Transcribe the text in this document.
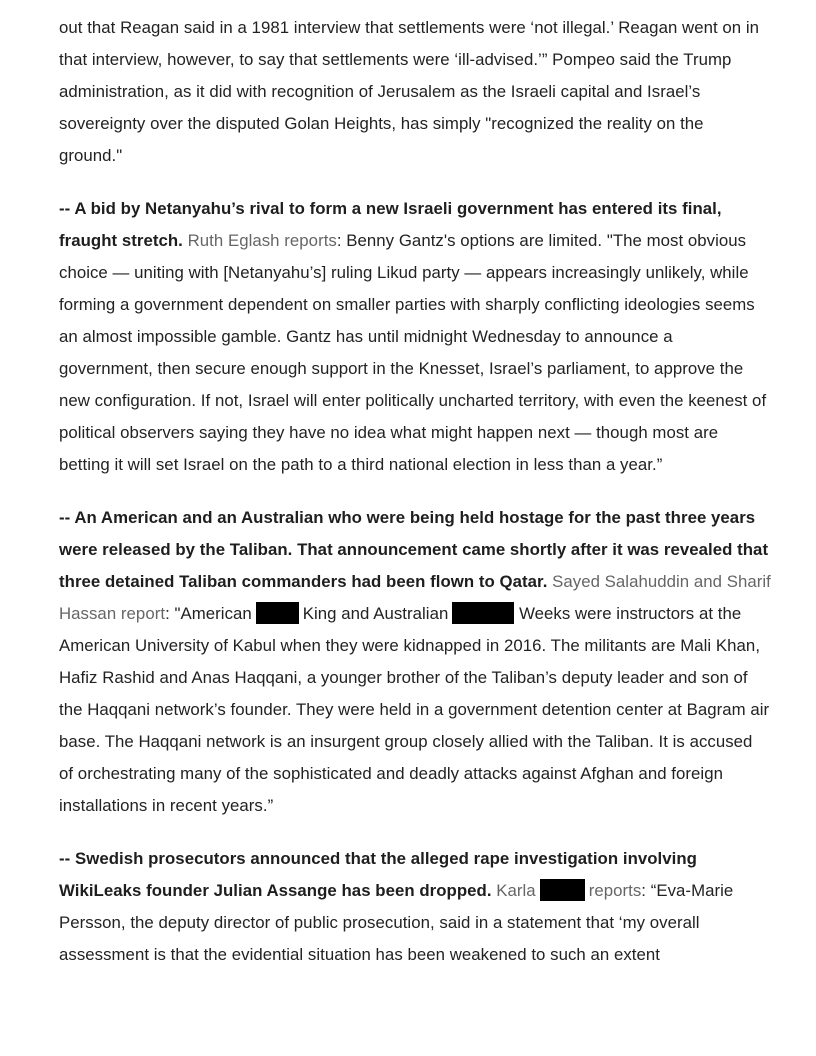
out that Reagan said in a 1981 interview that settlements were ‘not illegal.’ Reagan went on in that interview, however, to say that settlements were ‘ill-advised.’” Pompeo said the Trump administration, as it did with recognition of Jerusalem as the Israeli capital and Israel’s sovereignty over the disputed Golan Heights, has simply "recognized the reality on the ground."

-- A bid by Netanyahu’s rival to form a new Israeli government has entered its final, fraught stretch. Ruth Eglash reports: Benny Gantz's options are limited. "The most obvious choice — uniting with [Netanyahu’s] ruling Likud party — appears increasingly unlikely, while forming a government dependent on smaller parties with sharply conflicting ideologies seems an almost impossible gamble. Gantz has until midnight Wednesday to announce a government, then secure enough support in the Knesset, Israel’s parliament, to approve the new configuration. If not, Israel will enter politically uncharted territory, with even the keenest of political observers saying they have no idea what might happen next — though most are betting it will set Israel on the path to a third national election in less than a year.”

-- An American and an Australian who were being held hostage for the past three years were released by the Taliban. That announcement came shortly after it was revealed that three detained Taliban commanders had been flown to Qatar. Sayed Salahuddin and Sharif Hassan report: "American	King and Australian	Weeks were instructors at the American University of Kabul when they were kidnapped in 2016. The militants are Mali Khan, Hafiz Rashid and Anas Haqqani, a younger brother of the Taliban’s deputy leader and son of the Haqqani network’s founder. They were held in a government detention center at Bagram air base. The Haqqani network is an insurgent group closely allied with the Taliban. It is accused of orchestrating many of the sophisticated and deadly attacks against Afghan and foreign installations in recent years.”

-- Swedish prosecutors announced that the alleged rape investigation involving WikiLeaks founder Julian Assange has been dropped. Karla	reports: “Eva-Marie Persson, the deputy director of public prosecution, said in a statement that ‘my overall assessment is that the evidential situation has been weakened to such an extent
